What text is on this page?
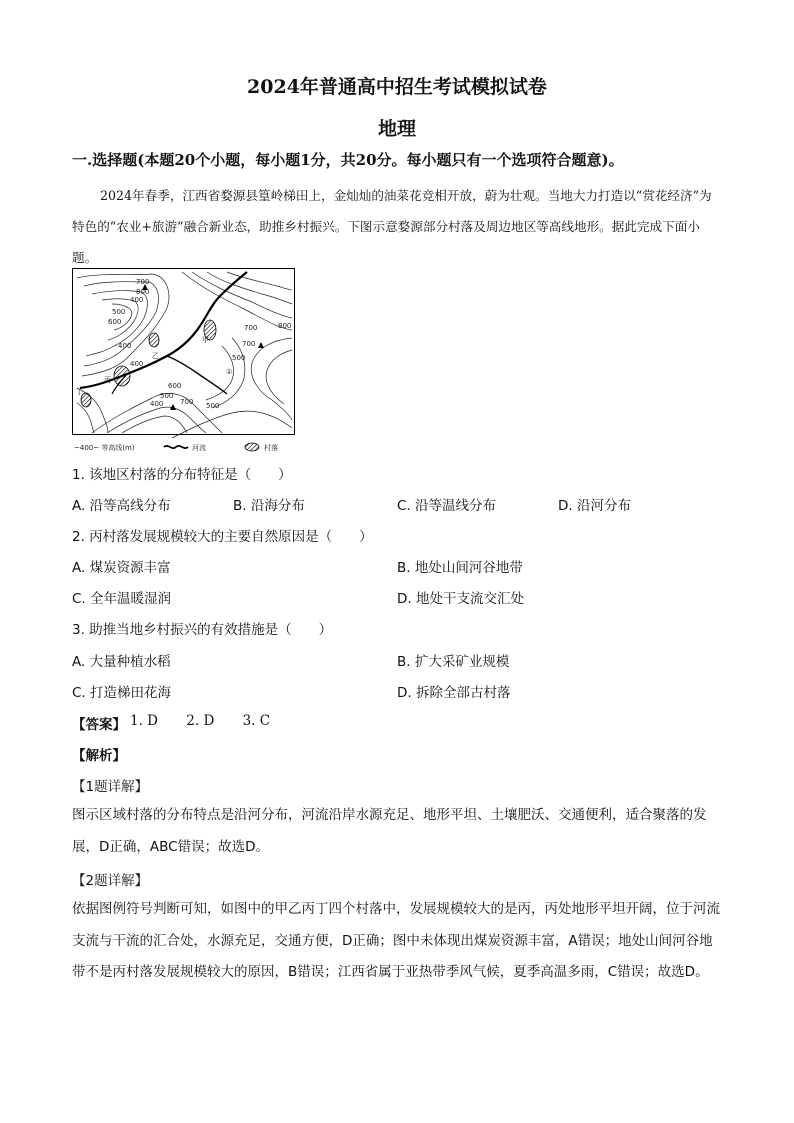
2024年普通高中招生考试模拟试卷
地理
一.选择题(本题20个小题，每小题1分，共20分。每小题只有一个选项符合题意)。
2024年春季，江西省婺源县篁岭梯田上，金灿灿的油菜花竞相开放，蔚为壮观。当地大力打造以“赏花经济”为特色的“农业+旅游”融合新业态，助推乡村振兴。下图示意婺源部分村落及周边地区等高线地形。据此完成下面小题。
400
500
600
700
800
700
500
400
400
500
600
700 500
800
700
400
甲
乙
丙
丁
①
~400~ 等高线(m)	河流	村落
1. 该地区村落的分布特征是（　　）
A. 沿等高线分布	B. 沿海分布	C. 沿等温线分布	D. 沿河分布
2. 丙村落发展规模较大的主要自然原因是（　　）
A. 煤炭资源丰富	B. 地处山间河谷地带
C. 全年温暖湿润	D. 地处干支流交汇处
3. 助推当地乡村振兴的有效措施是（　　）
A. 大量种植水稻	B. 扩大采矿业规模
C. 打造梯田花海	D. 拆除全部古村落
【答案】 1. D 2. D 3. C
【解析】
【1题详解】
图示区域村落的分布特点是沿河分布，河流沿岸水源充足、地形平坦、土壤肥沃、交通便利，适合聚落的发展，D正确，ABC错误；故选D。
【2题详解】
依据图例符号判断可知，如图中的甲乙丙丁四个村落中，发展规模较大的是丙，丙处地形平坦开阔，位于河流支流与干流的汇合处，水源充足，交通方便，D正确；图中未体现出煤炭资源丰富，A错误；地处山间河谷地带不是丙村落发展规模较大的原因，B错误；江西省属于亚热带季风气候，夏季高温多雨，C错误；故选D。
